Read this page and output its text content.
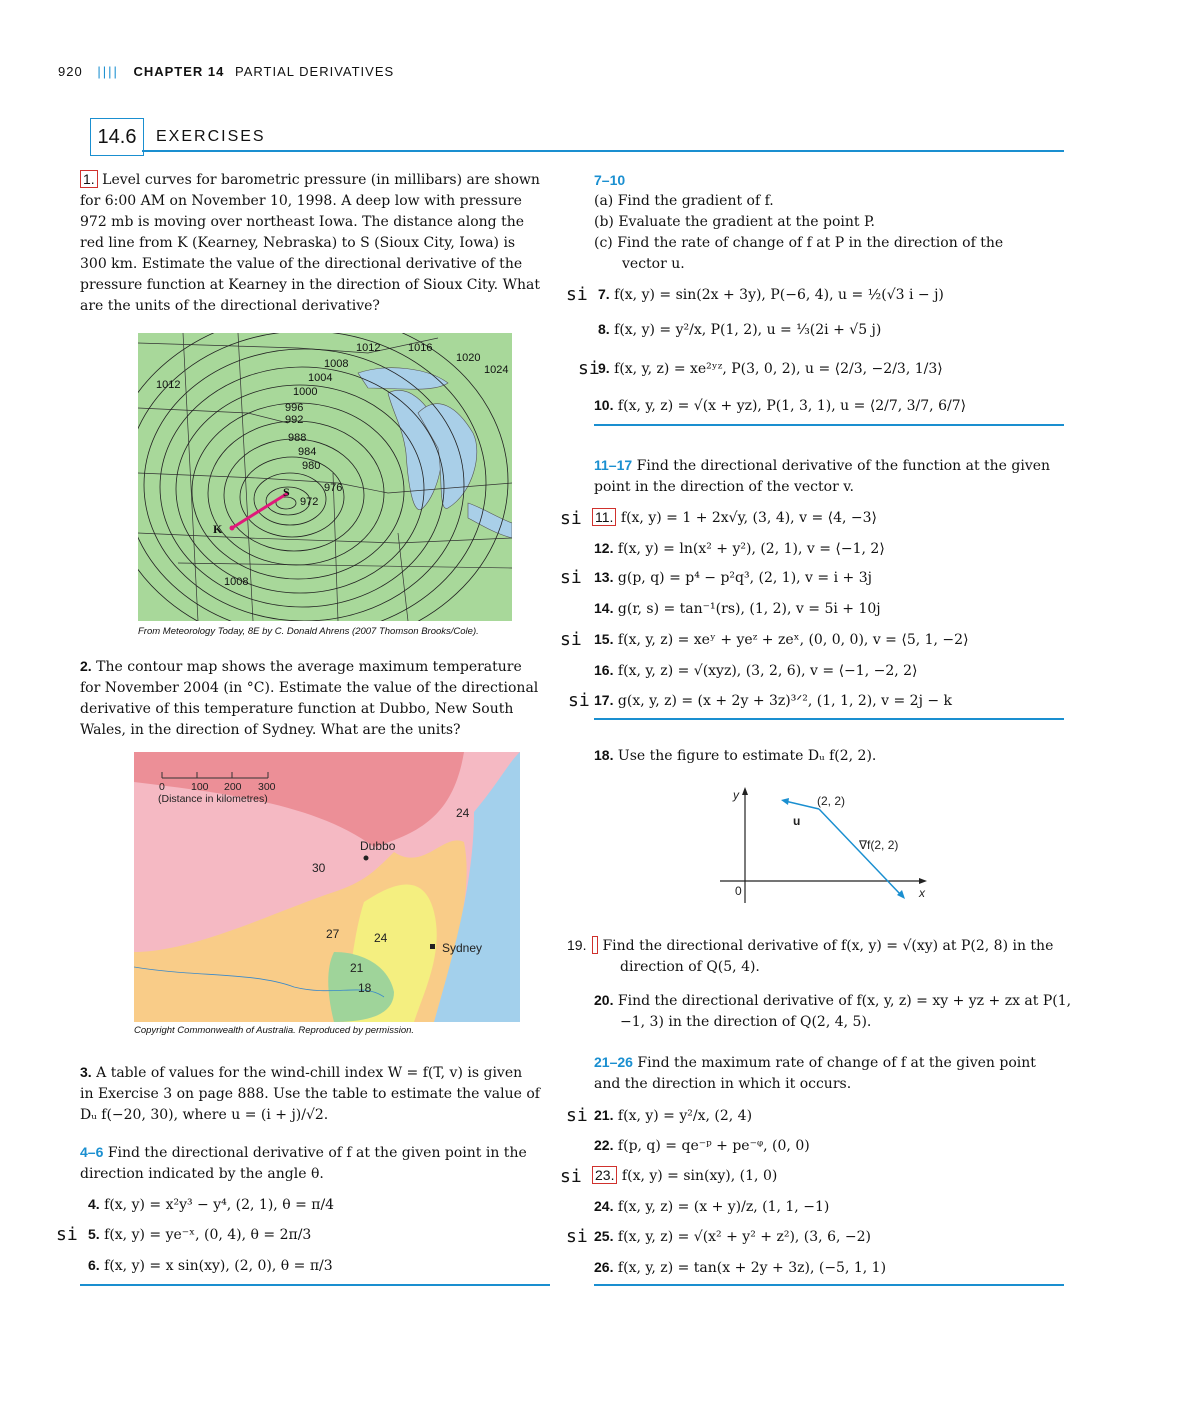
920 |||| CHAPTER 14 PARTIAL DERIVATIVES
14.6	EXERCISES
1. Level curves for barometric pressure (in millibars) are shown for 6:00 AM on November 10, 1998. A deep low with pressure 972 mb is moving over northeast Iowa. The distance along the red line from K (Kearney, Nebraska) to S (Sioux City, Iowa) is 300 km. Estimate the value of the directional derivative of the pressure function at Kearney in the direction of Sioux City. What are the units of the directional derivative?
1012	1016
1020
1024
1008
1004
1000
996
992
988
984
980
976
972
1012
1008
K
S
From Meteorology Today, 8E by C. Donald Ahrens (2007 Thomson Brooks/Cole).
2. The contour map shows the average maximum temperature for November 2004 (in °C). Estimate the value of the directional derivative of this temperature function at Dubbo, New South Wales, in the direction of Sydney. What are the units?
0 100 200 300
(Distance in kilometres)
Dubbo
Sydney
30
24
27	24
21
18
Copyright Commonwealth of Australia. Reproduced by permission.
3. A table of values for the wind-chill index W = f(T, v) is given in Exercise 3 on page 888. Use the table to estimate the value of Dᵤ f(−20, 30), where u = (i + j)/√2.
4–6 Find the directional derivative of f at the given point in the direction indicated by the angle θ.
4. f(x, y) = x²y³ − y⁴, (2, 1), θ = π/4
si 5. f(x, y) = ye⁻ˣ, (0, 4), θ = 2π/3
6. f(x, y) = x sin(xy), (2, 0), θ = π/3
7–10
(a) Find the gradient of f.
(b) Evaluate the gradient at the point P.
(c) Find the rate of change of f at P in the direction of the vector u.
si 7. f(x, y) = sin(2x + 3y), P(−6, 4), u = ½(√3 i − j)
8. f(x, y) = y²/x, P(1, 2), u = ⅓(2i + √5 j)
si
9. f(x, y, z) = xe²ʸᶻ, P(3, 0, 2), u = ⟨2/3, −2/3, 1/3⟩
10. f(x, y, z) = √(x + yz), P(1, 3, 1), u = ⟨2/7, 3/7, 6/7⟩
11–17 Find the directional derivative of the function at the given point in the direction of the vector v.
si 11. f(x, y) = 1 + 2x√y, (3, 4), v = ⟨4, −3⟩
12. f(x, y) = ln(x² + y²), (2, 1), v = ⟨−1, 2⟩
si 13. g(p, q) = p⁴ − p²q³, (2, 1), v = i + 3j
14. g(r, s) = tan⁻¹(rs), (1, 2), v = 5i + 10j
si 15. f(x, y, z) = xeʸ + yeᶻ + zeˣ, (0, 0, 0), v = ⟨5, 1, −2⟩
16. f(x, y, z) = √(xyz), (3, 2, 6), v = ⟨−1, −2, 2⟩
si 17. g(x, y, z) = (x + 2y + 3z)³ᐟ², (1, 1, 2), v = 2j − k
18. Use the figure to estimate Dᵤ f(2, 2).
y
x
0
(2, 2)
u
∇f(2, 2)
19. Find the directional derivative of f(x, y) = √(xy) at P(2, 8) in the direction of Q(5, 4).
20. Find the directional derivative of f(x, y, z) = xy + yz + zx at P(1, −1, 3) in the direction of Q(2, 4, 5).
21–26 Find the maximum rate of change of f at the given point and the direction in which it occurs.
si 21. f(x, y) = y²/x, (2, 4)
22. f(p, q) = qe⁻ᵖ + pe⁻ᵠ, (0, 0)
si 23. f(x, y) = sin(xy), (1, 0)
24. f(x, y, z) = (x + y)/z, (1, 1, −1)
si 25. f(x, y, z) = √(x² + y² + z²), (3, 6, −2)
26. f(x, y, z) = tan(x + 2y + 3z), (−5, 1, 1)
